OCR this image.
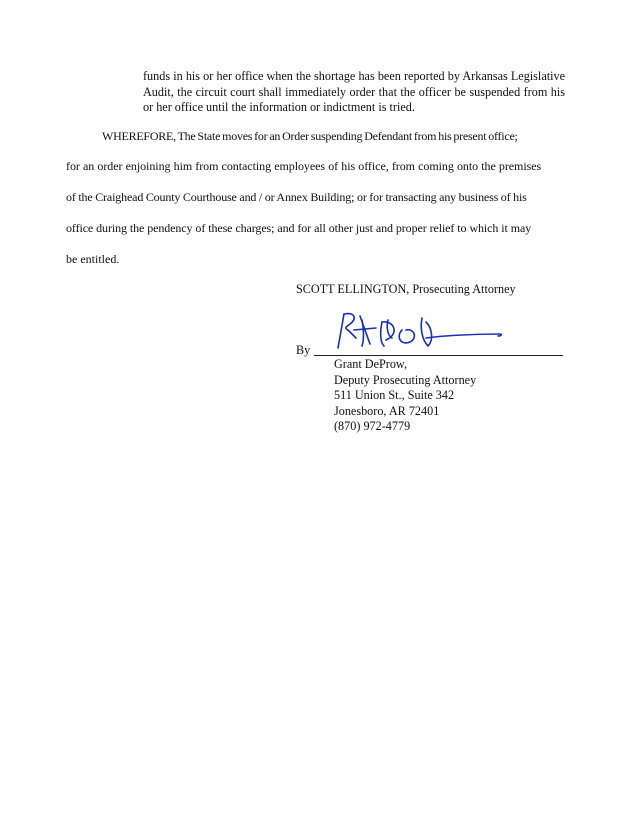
funds in his or her office when the shortage has been reported by Arkansas Legislative Audit, the circuit court shall immediately order that the officer be suspended from his or her office until the information or indictment is tried.

WHEREFORE, The State moves for an Order suspending Defendant from his present office;
for an order enjoining him from contacting employees of his office, from coming onto the premises
of the Craighead County Courthouse and / or Annex Building; or for transacting any business of his
office during the pendency of these charges; and for all other just and proper relief to which it may
be entitled.
SCOTT ELLINGTON, Prosecuting Attorney
By
Grant DeProw,
Deputy Prosecuting Attorney
511 Union St., Suite 342
Jonesboro, AR 72401
(870) 972-4779
